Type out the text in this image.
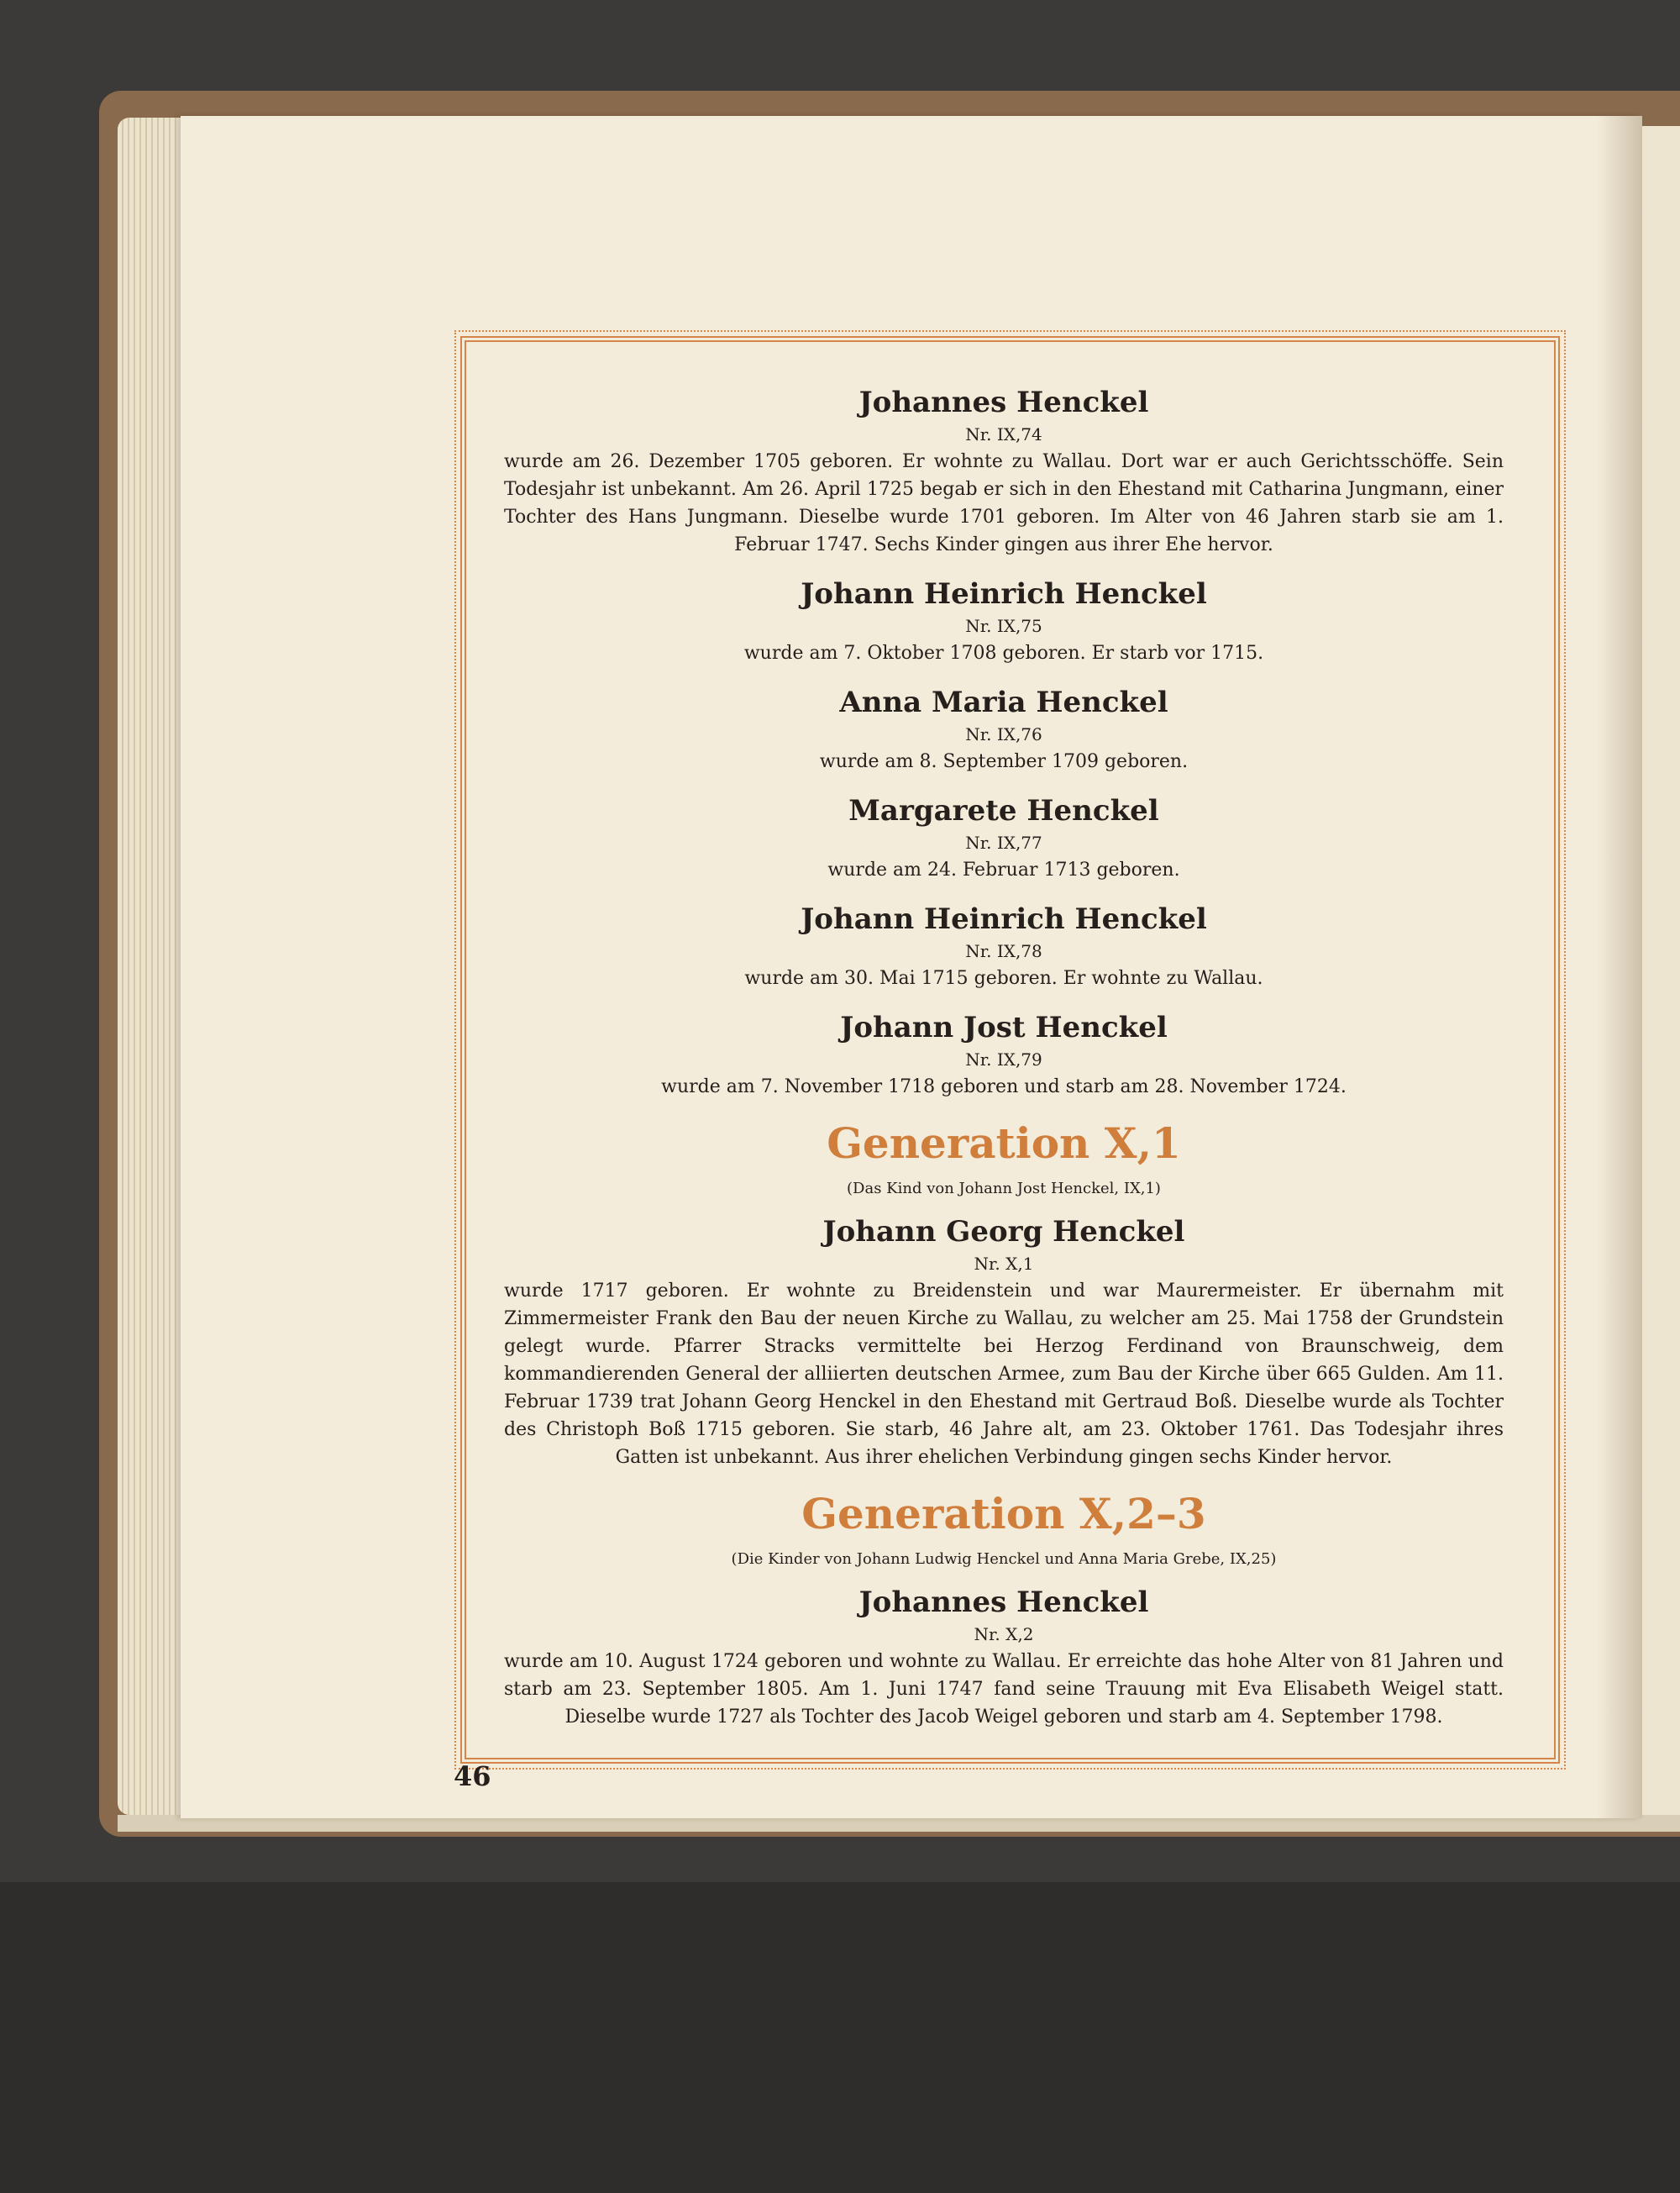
Johannes Henckel

Nr. IX,74

wurde am 26. Dezember 1705 geboren. Er wohnte zu Wallau. Dort war er auch Gerichtsschöffe. Sein Todesjahr ist unbekannt. Am 26. April 1725 begab er sich in den Ehestand mit Catharina Jungmann, einer Tochter des Hans Jungmann. Dieselbe wurde 1701 geboren. Im Alter von 46 Jahren starb sie am 1. Februar 1747. Sechs Kinder gingen aus ihrer Ehe hervor.

Johann Heinrich Henckel

Nr. IX,75

wurde am 7. Oktober 1708 geboren. Er starb vor 1715.

Anna Maria Henckel

Nr. IX,76

wurde am 8. September 1709 geboren.

Margarete Henckel

Nr. IX,77

wurde am 24. Februar 1713 geboren.

Johann Heinrich Henckel

Nr. IX,78

wurde am 30. Mai 1715 geboren. Er wohnte zu Wallau.

Johann Jost Henckel

Nr. IX,79

wurde am 7. November 1718 geboren und starb am 28. November 1724.

Generation X,1

(Das Kind von Johann Jost Henckel, IX,1)

Johann Georg Henckel

Nr. X,1

wurde 1717 geboren. Er wohnte zu Breidenstein und war Maurermeister. Er übernahm mit Zimmermeister Frank den Bau der neuen Kirche zu Wallau, zu welcher am 25. Mai 1758 der Grundstein gelegt wurde. Pfarrer Stracks vermittelte bei Herzog Ferdinand von Braunschweig, dem kommandierenden General der alliierten deutschen Armee, zum Bau der Kirche über 665 Gulden. Am 11. Februar 1739 trat Johann Georg Henckel in den Ehestand mit Gertraud Boß. Dieselbe wurde als Tochter des Christoph Boß 1715 geboren. Sie starb, 46 Jahre alt, am 23. Oktober 1761. Das Todesjahr ihres Gatten ist unbekannt. Aus ihrer ehelichen Verbindung gingen sechs Kinder hervor.

Generation X,2–3

(Die Kinder von Johann Ludwig Henckel und Anna Maria Grebe, IX,25)

Johannes Henckel

Nr. X,2

wurde am 10. August 1724 geboren und wohnte zu Wallau. Er erreichte das hohe Alter von 81 Jahren und starb am 23. September 1805. Am 1. Juni 1747 fand seine Trauung mit Eva Elisabeth Weigel statt. Dieselbe wurde 1727 als Tochter des Jacob Weigel geboren und starb am 4. September 1798.

46
